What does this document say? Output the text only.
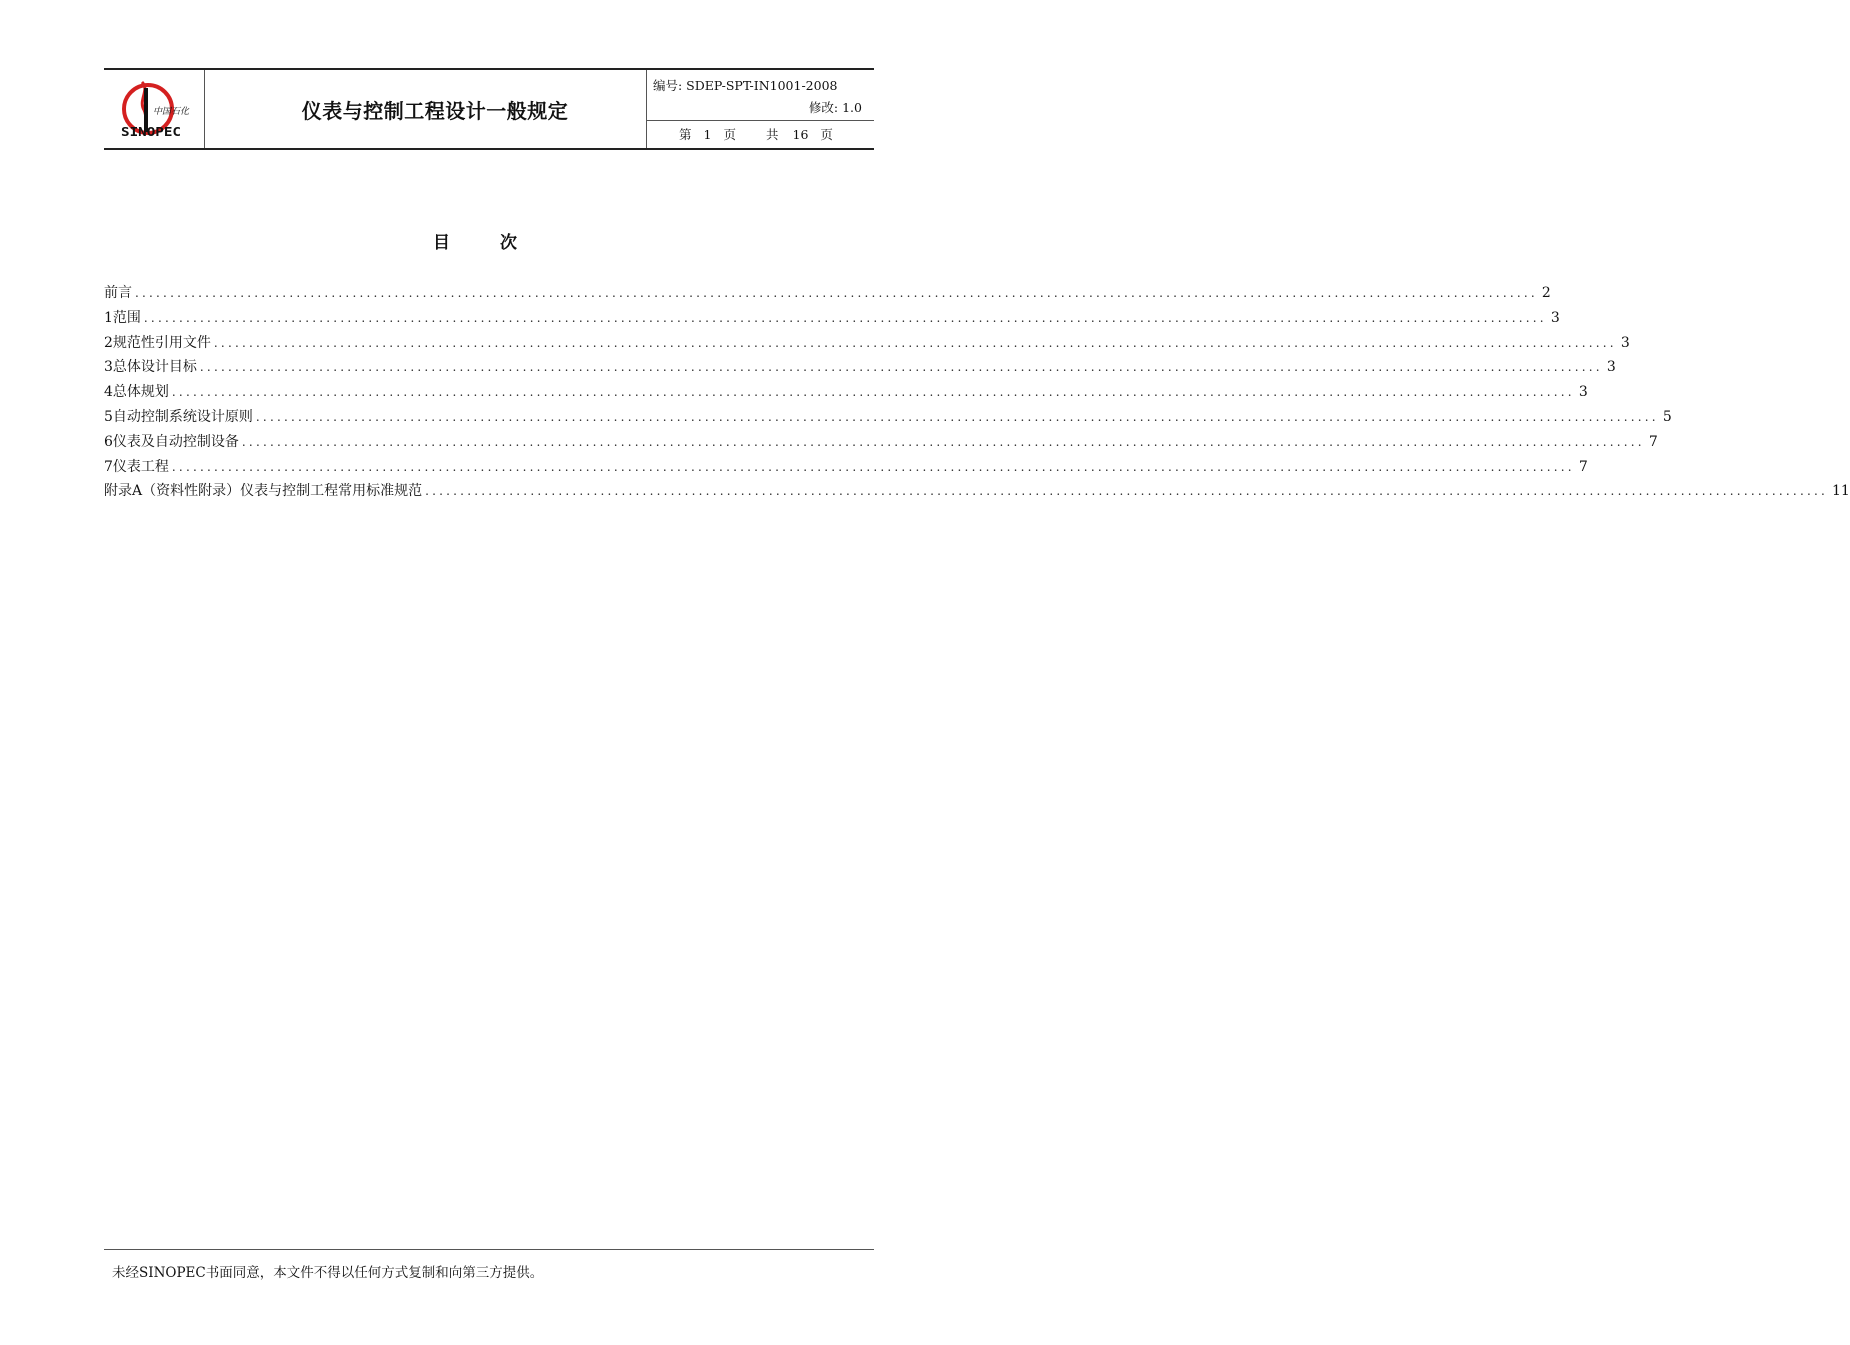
中国石化
SINOPEC
仪表与控制工程设计一般规定
编号: SDEP-SPT-IN1001-2008
修改: 1.0
第 1 页 共 16 页
目	次
前言 ........................................................................................................................................................................................................ 2
1 范围 ........................................................................................................................................................................................................ 3
2 规范性引用文件 ........................................................................................................................................................................................................ 3
3 总体设计目标 ........................................................................................................................................................................................................ 3
4 总体规划 ........................................................................................................................................................................................................ 3
5 自动控制系统设计原则 ........................................................................................................................................................................................................ 5
6 仪表及自动控制设备 ........................................................................................................................................................................................................ 7
7 仪表工程 ........................................................................................................................................................................................................ 7
附录A（资料性附录）仪表与控制工程常用标准规范 ........................................................................................................................................................................................................ 11
未经SINOPEC书面同意，本文件不得以任何方式复制和向第三方提供。
